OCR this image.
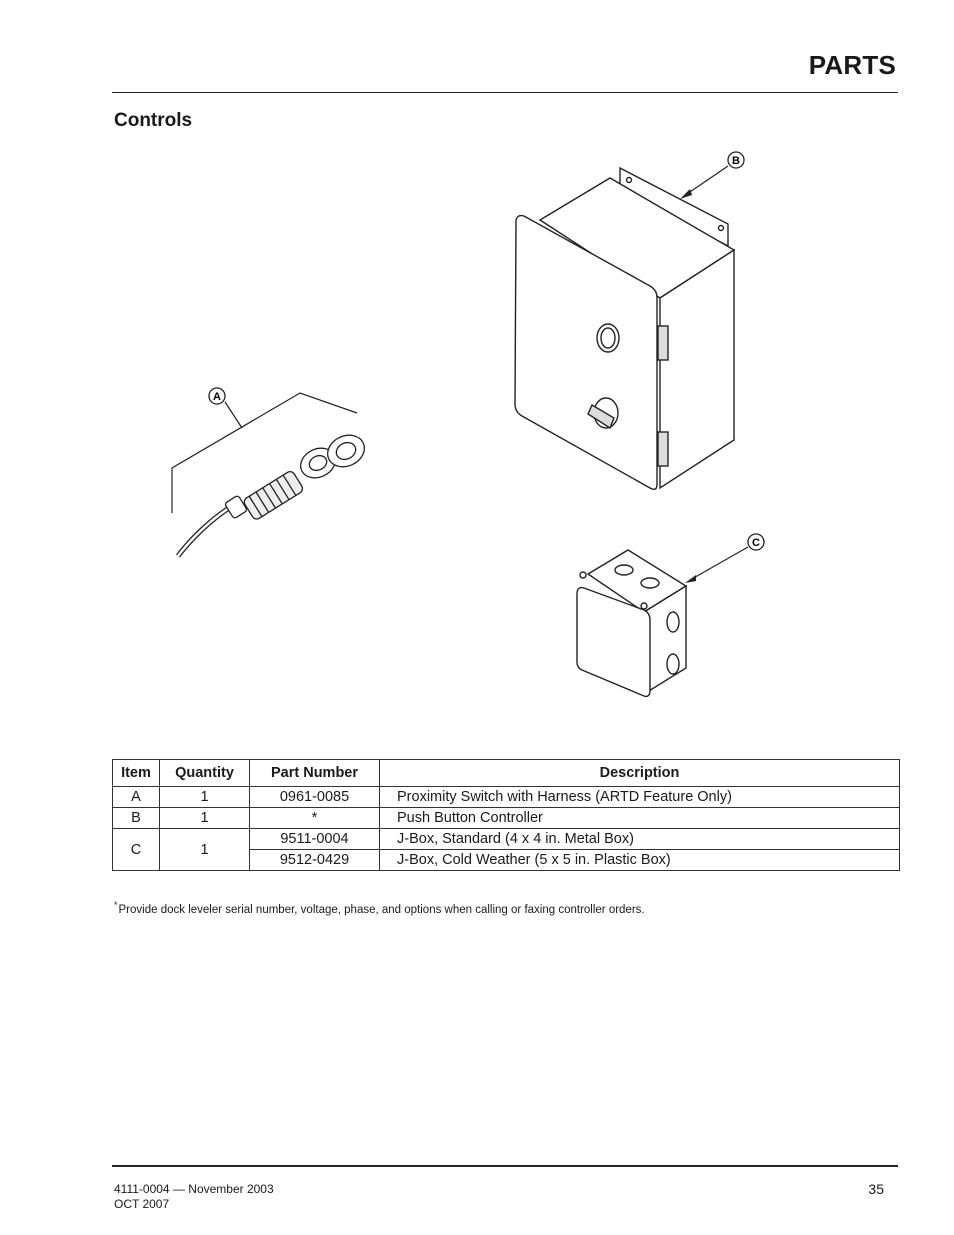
PARTS
Controls
A
B
C
Item	Quantity	Part Number	Description
A	1	0961-0085	Proximity Switch with Harness (ARTD Feature Only)
B	1	*	Push Button Controller
C	1	9511-0004	J-Box, Standard (4 x 4 in. Metal Box)
		9512-0429	J-Box, Cold Weather (5 x 5 in. Plastic Box)
*Provide dock leveler serial number, voltage, phase, and options when calling or faxing controller orders.
4111-0004 — November 2003
OCT 2007
35
